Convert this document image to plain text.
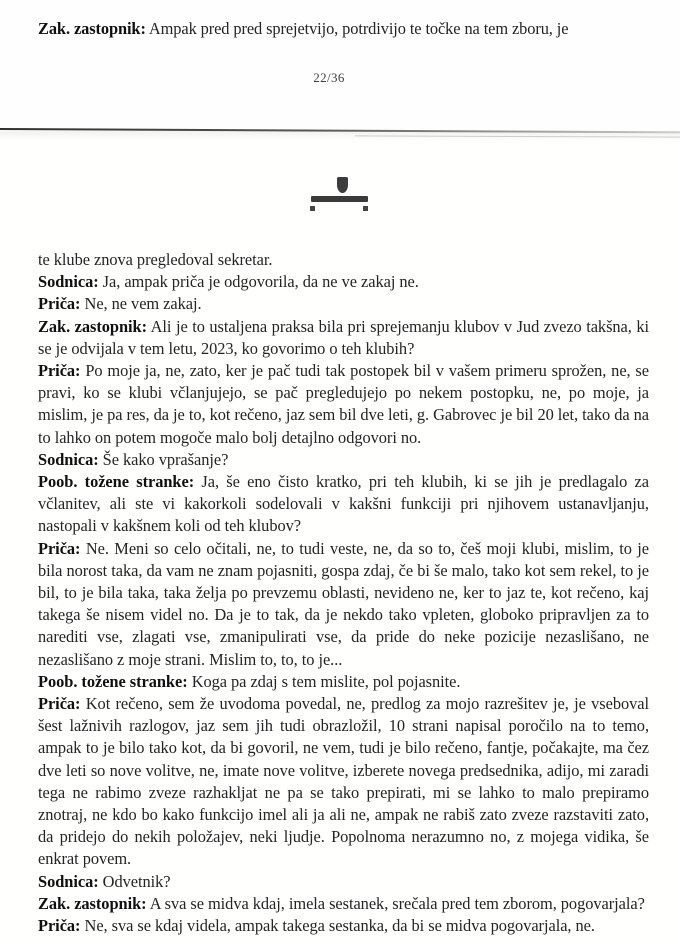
Zak. zastopnik: Ampak pred pred sprejetvijo, potrdivijo te točke na tem zboru, je

22/36

te klube znova pregledoval sekretar.

Sodnica: Ja, ampak priča je odgovorila, da ne ve zakaj ne.

Priča: Ne, ne vem zakaj.

Zak. zastopnik: Ali je to ustaljena praksa bila pri sprejemanju klubov v Jud zvezo takšna, ki se je odvijala v tem letu, 2023, ko govorimo o teh klubih?

Priča: Po moje ja, ne, zato, ker je pač tudi tak postopek bil v vašem primeru sprožen, ne, se pravi, ko se klubi včlanjujejo, se pač pregledujejo po nekem postopku, ne, po moje, ja mislim, je pa res, da je to, kot rečeno, jaz sem bil dve leti, g. Gabrovec je bil 20 let, tako da na to lahko on potem mogoče malo bolj detajlno odgovori no.

Sodnica: Še kako vprašanje?

Poob. tožene stranke: Ja, še eno čisto kratko, pri teh klubih, ki se jih je predlagalo za včlanitev, ali ste vi kakorkoli sodelovali v kakšni funkciji pri njihovem ustanavljanju, nastopali v kakšnem koli od teh klubov?

Priča: Ne. Meni so celo očitali, ne, to tudi veste, ne, da so to, češ moji klubi, mislim, to je bila norost taka, da vam ne znam pojasniti, gospa zdaj, če bi še malo, tako kot sem rekel, to je bil, to je bila taka, taka želja po prevzemu oblasti, nevideno ne, ker to jaz te, kot rečeno, kaj takega še nisem videl no. Da je to tak, da je nekdo tako vpleten, globoko pripravljen za to narediti vse, zlagati vse, zmanipulirati vse, da pride do neke pozicije nezaslišano, ne nezaslišano z moje strani. Mislim to, to, to je...

Poob. tožene stranke: Koga pa zdaj s tem mislite, pol pojasnite.

Priča: Kot rečeno, sem že uvodoma povedal, ne, predlog za mojo razrešitev je, je vseboval šest lažnivih razlogov, jaz sem jih tudi obrazložil, 10 strani napisal poročilo na to temo, ampak to je bilo tako kot, da bi govoril, ne vem, tudi je bilo rečeno, fantje, počakajte, ma čez dve leti so nove volitve, ne, imate nove volitve, izberete novega predsednika, adijo, mi zaradi tega ne rabimo zveze razhakljat ne pa se tako prepirati, mi se lahko to malo prepiramo znotraj, ne kdo bo kako funkcijo imel ali ja ali ne, ampak ne rabiš zato zveze razstaviti zato, da pridejo do nekih položajev, neki ljudje. Popolnoma nerazumno no, z mojega vidika, še enkrat povem.

Sodnica: Odvetnik?

Zak. zastopnik: A sva se midva kdaj, imela sestanek, srečala pred tem zborom, pogovarjala?

Priča: Ne, sva se kdaj videla, ampak takega sestanka, da bi se midva pogovarjala, ne.
